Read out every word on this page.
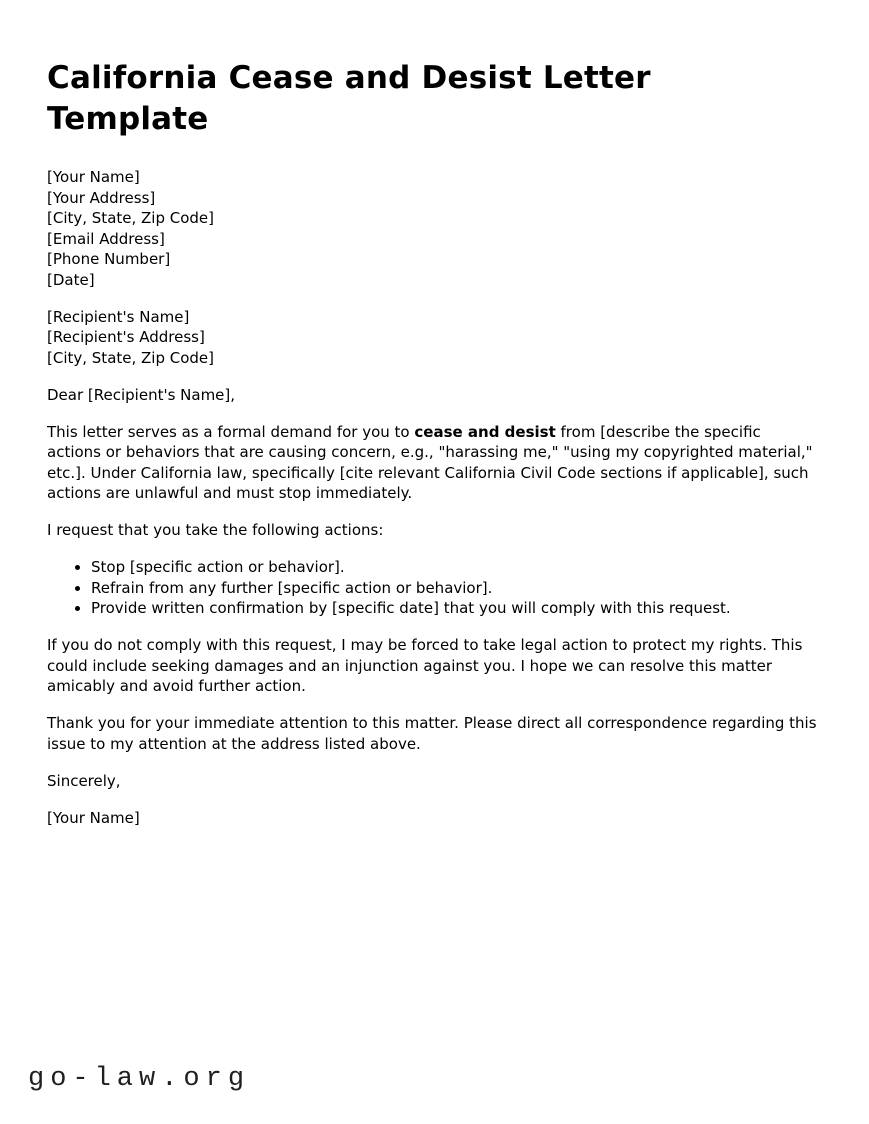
California Cease and Desist Letter Template
[Your Name]
[Your Address]
[City, State, Zip Code]
[Email Address]
[Phone Number]
[Date]
[Recipient's Name]
[Recipient's Address]
[City, State, Zip Code]

Dear [Recipient's Name],

This letter serves as a formal demand for you to cease and desist from [describe the specific actions or behaviors that are causing concern, e.g., "harassing me," "using my copyrighted material," etc.]. Under California law, specifically [cite relevant California Civil Code sections if applicable], such actions are unlawful and must stop immediately.

I request that you take the following actions:

• Stop [specific action or behavior].
• Refrain from any further [specific action or behavior].
• Provide written confirmation by [specific date] that you will comply with this request.

If you do not comply with this request, I may be forced to take legal action to protect my rights. This could include seeking damages and an injunction against you. I hope we can resolve this matter amicably and avoid further action.

Thank you for your immediate attention to this matter. Please direct all correspondence regarding this issue to my attention at the address listed above.

Sincerely,

[Your Name]

go-law.org
